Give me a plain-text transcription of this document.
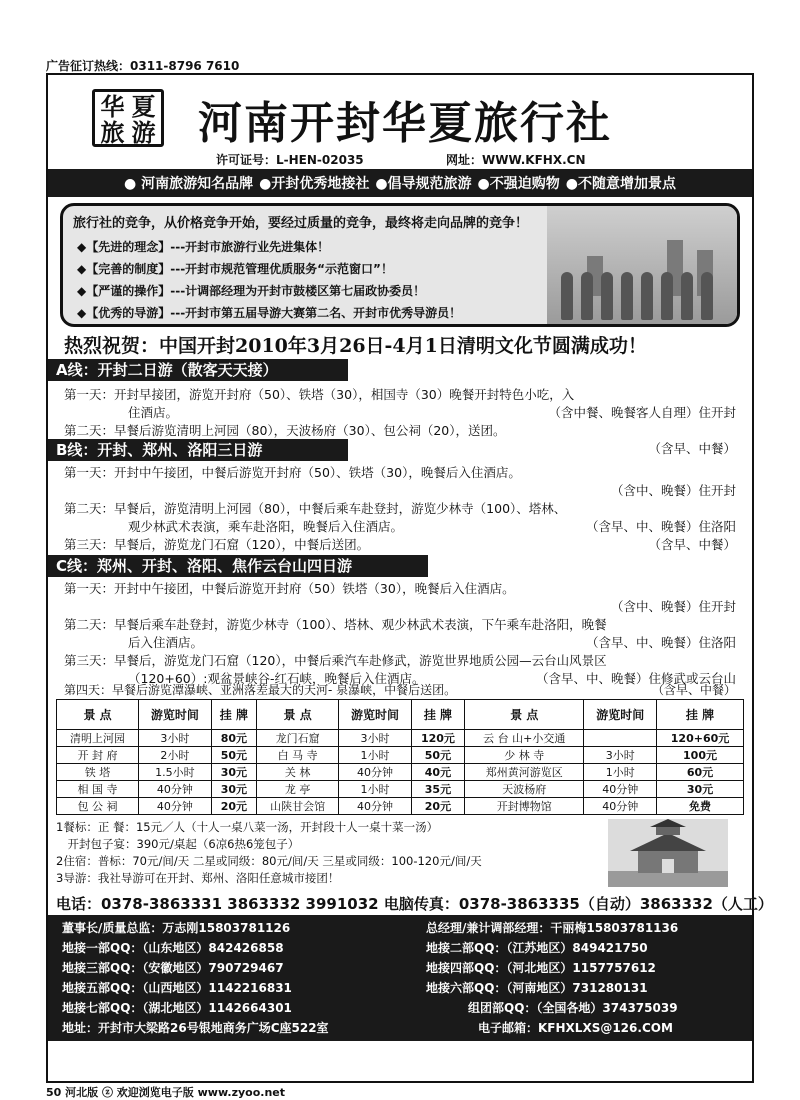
广告征订热线：0311-8796 7610
华 夏
旅 游 河南开封华夏旅行社
许可证号：L-HEN-02035	网址：WWW.KFHX.CN
● 河南旅游知名品牌 ●开封优秀地接社 ●倡导规范旅游 ●不强迫购物 ●不随意增加景点
旅行社的竞争，从价格竞争开始，要经过质量的竞争，最终将走向品牌的竞争！
◆【先进的理念】---开封市旅游行业先进集体！
◆【完善的制度】---开封市规范管理优质服务“示范窗口”！
◆【严谨的操作】---计调部经理为开封市鼓楼区第七届政协委员！
◆【优秀的导游】---开封市第五届导游大赛第二名、开封市优秀导游员！
热烈祝贺：中国开封2010年3月26日-4月1日清明文化节圆满成功！
A线：开封二日游（散客天天接）
第一天：开封早接团，游览开封府（50）、铁塔（30），相国寺（30）晚餐开封特色小吃，入
住酒店。	（含中餐、晚餐客人自理）住开封
第二天：早餐后游览清明上河园（80），天波杨府（30）、包公祠（20），送团。
（含早、中餐）
B线：开封、郑州、洛阳三日游
第一天：开封中午接团，中餐后游览开封府（50）、铁塔（30），晚餐后入住酒店。
（含中、晚餐）住开封
第二天：早餐后，游览清明上河园（80），中餐后乘车赴登封，游览少林寺（100）、塔林、
观少林武术表演，乘车赴洛阳，晚餐后入住酒店。	（含早、中、晚餐）住洛阳
第三天：早餐后，游览龙门石窟（120），中餐后送团。	（含早、中餐）
C线：郑州、开封、洛阳、焦作云台山四日游
第一天：开封中午接团，中餐后游览开封府（50）铁塔（30），晚餐后入住酒店。
（含中、晚餐）住开封
第二天：早餐后乘车赴登封，游览少林寺（100）、塔林、观少林武术表演，下午乘车赴洛阳，晚餐
后入住酒店。	（含早、中、晚餐）住洛阳
第三天：早餐后，游览龙门石窟（120），中餐后乘汽车赴修武，游览世界地质公园—云台山风景区
（120+60）:观盆景峡谷-红石峡，晚餐后入住酒店。	（含早、中、晚餐）住修武或云台山
第四天：早餐后游览潭瀑峡、亚洲落差最大的天河- 泉瀑峡，中餐后送团。	（含早、中餐）
景 点	游览时间	挂 牌	景 点	游览时间	挂 牌	景 点	游览时间	挂 牌
清明上河园	3小时	80元	龙门石窟	3小时	120元	云 台 山+小交通		120+60元
开 封 府	2小时	50元	白 马 寺	1小时	50元	少 林 寺	3小时	100元
铁 塔	1.5小时	30元	关 林	40分钟	40元	郑州黄河游览区	1小时	60元
相 国 寺	40分钟	30元	龙 亭	1小时	35元	天波杨府	40分钟	30元
包 公 祠	40分钟	20元	山陕甘会馆	40分钟	20元	开封博物馆	40分钟	免费
1餐标：正 餐：15元／人（十人一桌八菜一汤，开封段十人一桌十菜一汤）
　开封包子宴：390元/桌起（6凉6热6笼包子）
2住宿：普标：70元/间/天 二星或同级：80元/间/天 三星或同级：100-120元/间/天
3导游：我社导游可在开封、郑州、洛阳任意城市接团！
电话：0378-3863331 3863332 3991032 电脑传真：0378-3863335（自动）3863332（人工）
董事长/质量总监：万志刚15803781126
地接一部QQ：（山东地区）842426858
地接三部QQ：（安徽地区）790729467
地接五部QQ：（山西地区）1142216831
地接七部QQ：（湖北地区）1142664301
地址：开封市大梁路26号银地商务广场C座522室
总经理/兼计调部经理：干丽梅15803781136
地接二部QQ：（江苏地区）849421750
地接四部QQ：（河北地区）1157757612
地接六部QQ：（河南地区）731280131
组团部QQ：（全国各地）374375039
电子邮箱：KFHXLXS@126.COM
50 河北版 ⓩ 欢迎浏览电子版 www.zyoo.net
